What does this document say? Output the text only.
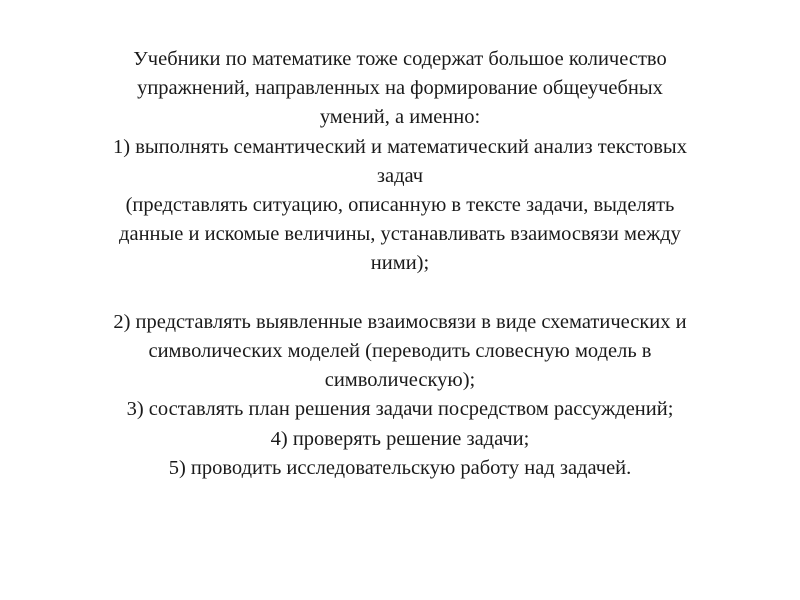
Учебники по математике тоже содержат большое количество
упражнений, направленных на формирование общеучебных
умений, а именно:
1) выполнять семантический и математический анализ текстовых
задач
(представлять ситуацию, описанную в тексте задачи, выделять
данные и искомые величины, устанавливать взаимосвязи между
ними);
2) представлять выявленные взаимосвязи в виде схематических и
символических моделей (переводить словесную модель в
символическую);
3) составлять план решения задачи посредством рассуждений;
4) проверять решение задачи;
5) проводить исследовательскую работу над задачей.
